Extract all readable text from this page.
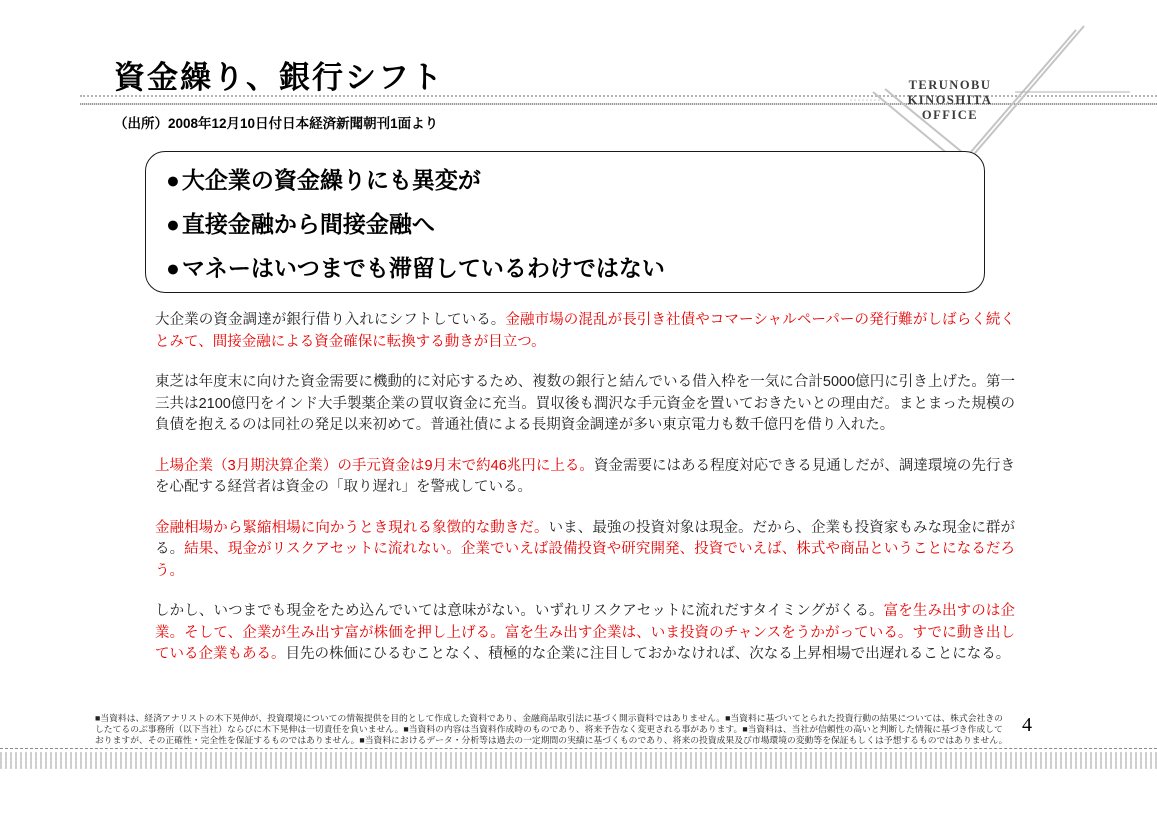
資金繰り、銀行シフト
（出所）2008年12月10日付日本経済新聞朝刊1面より
TERUNOBU
KINOSHITA
OFFICE
●大企業の資金繰りにも異変が
●直接金融から間接金融へ
●マネーはいつまでも滞留しているわけではない

大企業の資金調達が銀行借り入れにシフトしている。金融市場の混乱が長引き社債やコマーシャルペーパーの発行難がしばらく続くとみて、間接金融による資金確保に転換する動きが目立つ。

東芝は年度末に向けた資金需要に機動的に対応するため、複数の銀行と結んでいる借入枠を一気に合計5000億円に引き上げた。第一三共は2100億円をインド大手製薬企業の買収資金に充当。買収後も潤沢な手元資金を置いておきたいとの理由だ。まとまった規模の負債を抱えるのは同社の発足以来初めて。普通社債による長期資金調達が多い東京電力も数千億円を借り入れた。

上場企業（3月期決算企業）の手元資金は9月末で約46兆円に上る。資金需要にはある程度対応できる見通しだが、調達環境の先行きを心配する経営者は資金の「取り遅れ」を警戒している。

金融相場から緊縮相場に向かうとき現れる象徴的な動きだ。いま、最強の投資対象は現金。だから、企業も投資家もみな現金に群がる。結果、現金がリスクアセットに流れない。企業でいえば設備投資や研究開発、投資でいえば、株式や商品ということになるだろう。

しかし、いつまでも現金をため込んでいては意味がない。いずれリスクアセットに流れだすタイミングがくる。富を生み出すのは企業。そして、企業が生み出す富が株価を押し上げる。富を生み出す企業は、いま投資のチャンスをうかがっている。すでに動き出している企業もある。目先の株価にひるむことなく、積極的な企業に注目しておかなければ、次なる上昇相場で出遅れることになる。

■当資料は、経済アナリストの木下晃伸が、投資環境についての情報提供を目的として作成した資料であり、金融商品取引法に基づく開示資料ではありません。■当資料に基づいてとられた投資行動の結果については、株式会社きの
したてるのぶ事務所（以下当社）ならびに木下晃伸は一切責任を負いません。■当資料の内容は当資料作成時のものであり、将来予告なく変更される事があります。■当資料は、当社が信頼性の高いと判断した情報に基づき作成して
おりますが、その正確性・完全性を保証するものではありません。■当資料におけるデータ・分析等は過去の一定期間の実績に基づくものであり、将来の投資成果及び市場環境の変動等を保証もしくは予想するものではありません。
4
